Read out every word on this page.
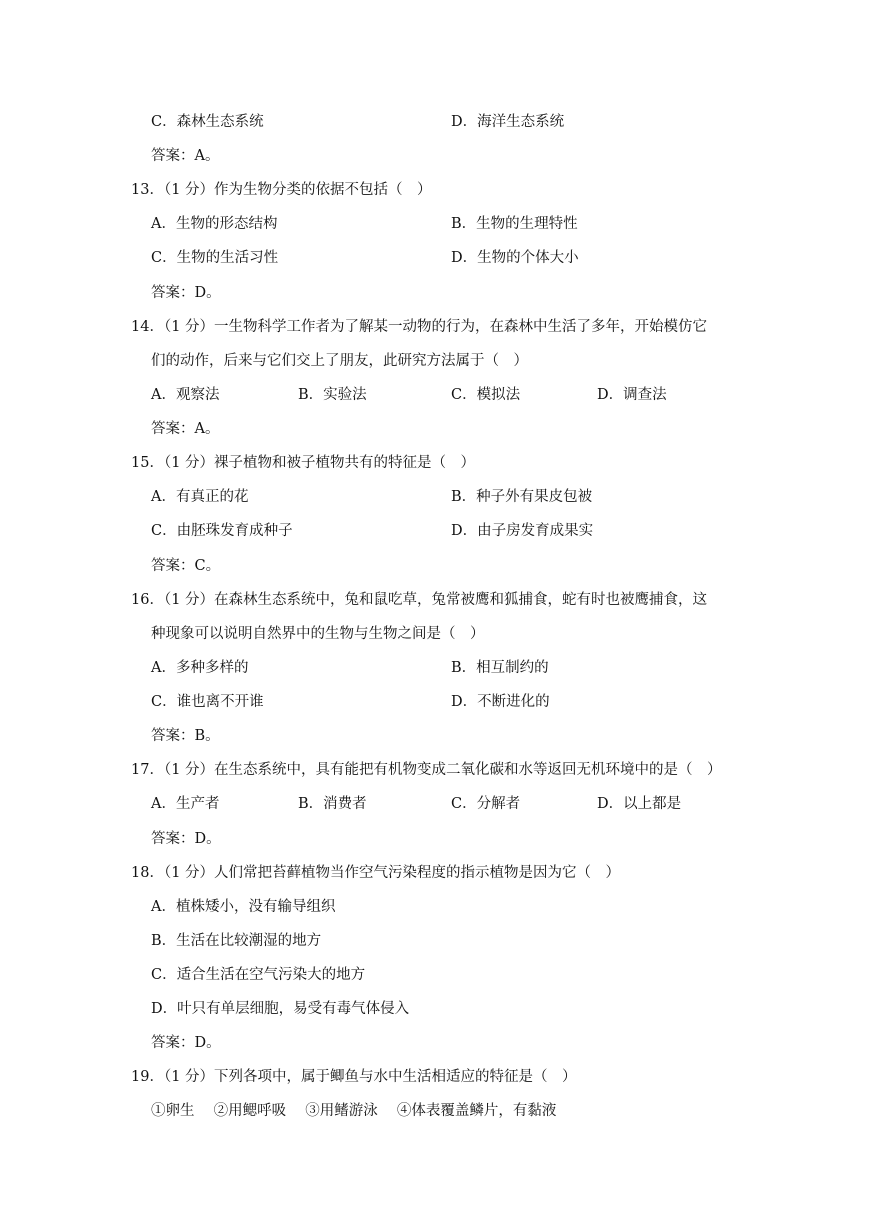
C．森林生态系统	D．海洋生态系统
答案：A。
13．（1 分）作为生物分类的依据不包括（　）
A．生物的形态结构	B．生物的生理特性
C．生物的生活习性	D．生物的个体大小
答案：D。
14．（1 分）一生物科学工作者为了解某一动物的行为，在森林中生活了多年，开始模仿它
们的动作，后来与它们交上了朋友，此研究方法属于（　）
A．观察法	B．实验法	C．模拟法	D．调查法
答案：A。
15．（1 分）裸子植物和被子植物共有的特征是（　）
A．有真正的花	B．种子外有果皮包被
C．由胚珠发育成种子	D．由子房发育成果实
答案：C。
16．（1 分）在森林生态系统中，兔和鼠吃草，兔常被鹰和狐捕食，蛇有时也被鹰捕食，这
种现象可以说明自然界中的生物与生物之间是（　）
A．多种多样的	B．相互制约的
C．谁也离不开谁	D．不断进化的
答案：B。
17．（1 分）在生态系统中，具有能把有机物变成二氧化碳和水等返回无机环境中的是（　）
A．生产者	B．消费者	C．分解者	D．以上都是
答案：D。
18．（1 分）人们常把苔藓植物当作空气污染程度的指示植物是因为它（　）
A．植株矮小，没有输导组织
B．生活在比较潮湿的地方
C．适合生活在空气污染大的地方
D．叶只有单层细胞，易受有毒气体侵入
答案：D。
19．（1 分）下列各项中，属于鲫鱼与水中生活相适应的特征是（　）
①卵生　 ②用鳃呼吸　 ③用鳍游泳　 ④体表覆盖鳞片，有黏液
